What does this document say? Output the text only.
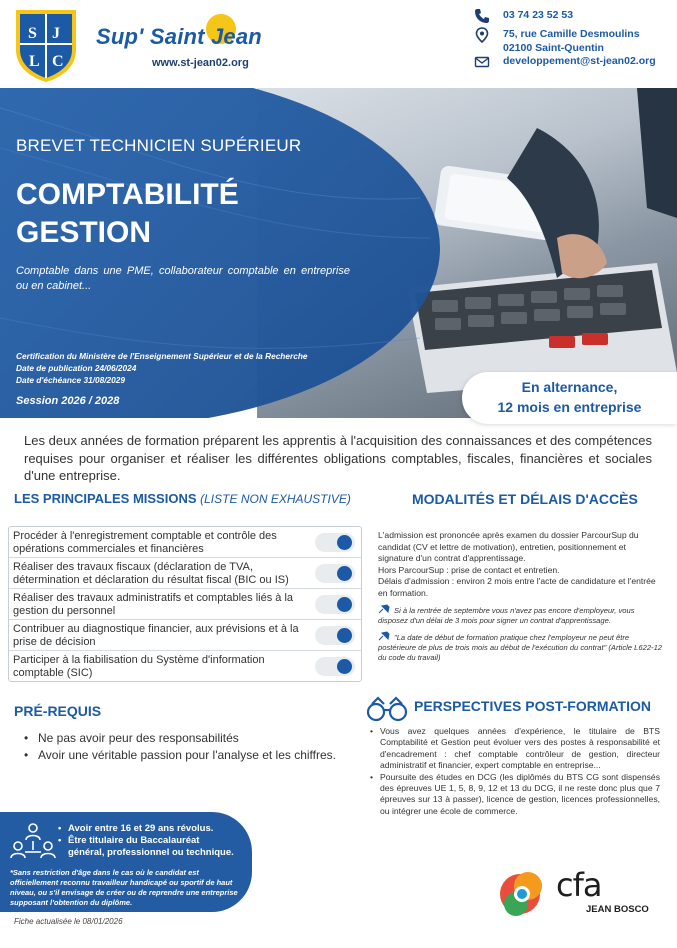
S J
L C
Sup' Saint Jean
www.st-jean02.org
03 74 23 52 53
75, rue Camille Desmoulins
02100 Saint-Quentin
developpement@st-jean02.org
BREVET TECHNICIEN SUPÉRIEUR
COMPTABILITÉ
GESTION
Comptable dans une PME, collaborateur comptable en entreprise ou en cabinet...
Certification du Ministère de l'Enseignement Supérieur et de la Recherche
Date de publication 24/06/2024
Date d'échéance 31/08/2029
Session 2026 / 2028
En alternance,
12 mois en entreprise

Les deux années de formation préparent les apprentis à l'acquisition des connaissances et des compétences requises pour organiser et réaliser les différentes obligations comptables, fiscales, financières et sociales d'une entreprise.

LES PRINCIPALES MISSIONS (LISTE NON EXHAUSTIVE)
Procéder à l'enregistrement comptable et contrôle des opérations commerciales et financières
Réaliser des travaux fiscaux (déclaration de TVA, détermination et déclaration du résultat fiscal (BIC ou IS)
Réaliser des travaux administratifs et comptables liés à la gestion du personnel
Contribuer au diagnostique financier, aux prévisions et à la prise de décision
Participer à la fiabilisation du Système d'information comptable (SIC)
PRÉ-REQUIS
• Ne pas avoir peur des responsabilités
• Avoir une véritable passion pour l'analyse et les chiffres.
• Avoir entre 16 et 29 ans révolus.
• Être titulaire du Baccalauréat général, professionnel ou technique.
*Sans restriction d'âge dans le cas où le candidat est officiellement reconnu travailleur handicapé ou sportif de haut niveau, ou s'il envisage de créer ou de reprendre une entreprise supposant l'obtention du diplôme.
Fiche actualisée le 08/01/2026
MODALITÉS ET DÉLAIS D'ACCÈS

L'admission est prononcée après examen du dossier ParcourSup du candidat (CV et lettre de motivation), entretien, positionnement et signature d'un contrat d'apprentissage.

Hors ParcourSup : prise de contact et entretien.

Délais d'admission : environ 2 mois entre l'acte de candidature et l'entrée en formation.

Si à la rentrée de septembre vous n'avez pas encore d'employeur, vous disposez d'un délai de 3 mois pour signer un contrat d'apprentissage.

"La date de début de formation pratique chez l'employeur ne peut être postérieure de plus de trois mois au début de l'exécution du contrat" (Article L622-12 du code du travail)

PERSPECTIVES POST-FORMATION
• Vous avez quelques années d'expérience, le titulaire de BTS Comptabilité et Gestion peut évoluer vers des postes à responsabilité et d'encadrement : chef comptable contrôleur de gestion, directeur administratif et financier, expert comptable en entreprise...
• Poursuite des études en DCG (les diplômés du BTS CG sont dispensés des épreuves UE 1, 5, 8, 9, 12 et 13 du DCG, il ne reste donc plus que 7 épreuves sur 13 à passer), licence de gestion, licences professionnelles, ou intégrer une école de commerce.
cfa
JEAN BOSCO
